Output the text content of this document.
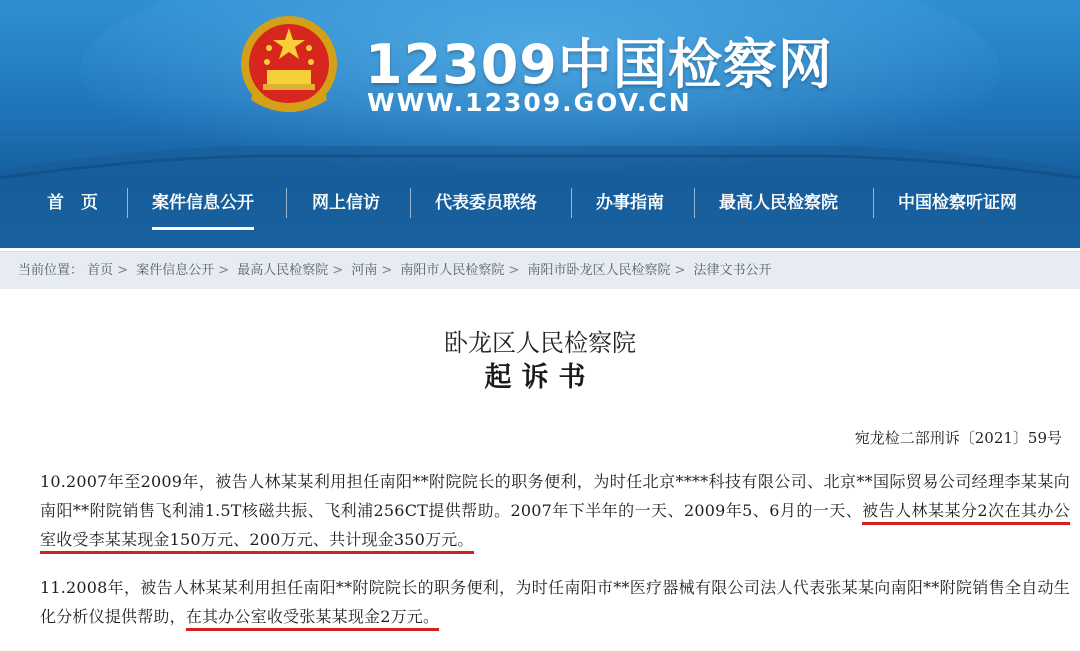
12309中国检察网
WWW.12309.GOV.CN
首　页	案件信息公开	网上信访	代表委员联络	办事指南	最高人民检察院	中国检察听证网
当前位置： 首页 > 案件信息公开 > 最高人民检察院 > 河南 > 南阳市人民检察院 > 南阳市卧龙区人民检察院 > 法律文书公开
卧龙区人民检察院
起诉书
宛龙检二部刑诉〔2021〕59号
10.2007年至2009年，被告人林某某利用担任南阳**附院院长的职务便利，为时任北京****科技有限公司、北京**国际贸易公司经理李某某向南阳**附院销售飞利浦1.5T核磁共振、飞利浦256CT提供帮助。2007年下半年的一天、2009年5、6月的一天、被告人林某某分2次在其办公室收受李某某现金150万元、200万元、共计现金350万元。
11.2008年，被告人林某某利用担任南阳**附院院长的职务便利，为时任南阳市**医疗器械有限公司法人代表张某某向南阳**附院销售全自动生化分析仪提供帮助，在其办公室收受张某某现金2万元。
